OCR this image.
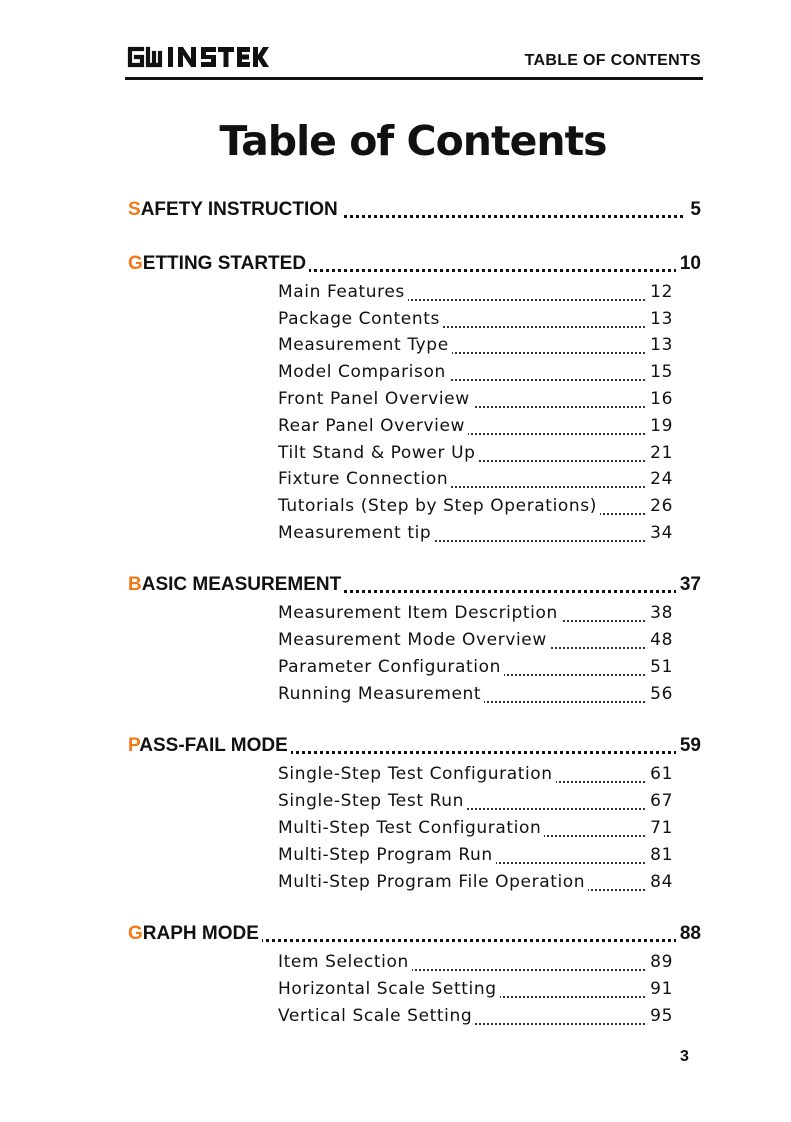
TABLE OF CONTENTS
Table of Contents
SAFETY INSTRUCTION	5
GETTING STARTED	10
Main Features	12
Package Contents	13
Measurement Type	13
Model Comparison	15
Front Panel Overview	16
Rear Panel Overview	19
Tilt Stand & Power Up	21
Fixture Connection	24
Tutorials (Step by Step Operations)	26
Measurement tip	34
BASIC MEASUREMENT	37
Measurement Item Description	38
Measurement Mode Overview	48
Parameter Configuration	51
Running Measurement	56
PASS-FAIL MODE	59
Single-Step Test Configuration	61
Single-Step Test Run	67
Multi-Step Test Configuration	71
Multi-Step Program Run	81
Multi-Step Program File Operation	84
GRAPH MODE	88
Item Selection	89
Horizontal Scale Setting	91
Vertical Scale Setting	95
3
